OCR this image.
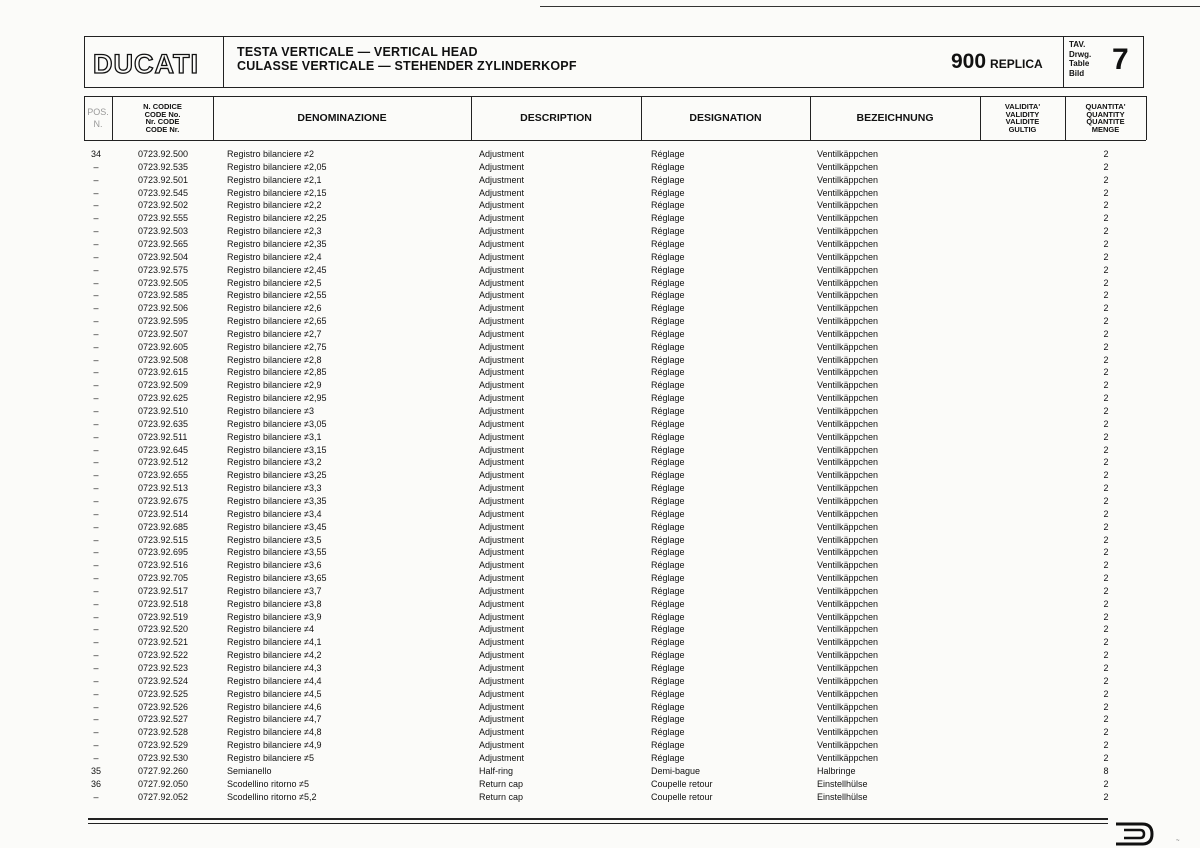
DUCATI	TESTA VERTICALE — VERTICAL HEAD
CULASSE VERTICALE — STEHENDER ZYLINDERKOPF	900 REPLICA
TAV.
Drwg.
Table
Bild 7
POS.
N.
N. CODICE
CODE No.
Nr. CODE
CODE Nr.
DENOMINAZIONE	DESCRIPTION	DESIGNATION	BEZEICHNUNG
VALIDITA'
VALIDITY
VALIDITE
GULTIG
QUANTITA'
QUANTITY
QUANTITE
MENGE
34	0723.92.500	Registro bilanciere ≠2	Adjustment	Réglage	Ventilkäppchen	2
–	0723.92.535	Registro bilanciere ≠2,05	Adjustment	Réglage	Ventilkäppchen	2
–	0723.92.501	Registro bilanciere ≠2,1	Adjustment	Réglage	Ventilkäppchen	2
–	0723.92.545	Registro bilanciere ≠2,15	Adjustment	Réglage	Ventilkäppchen	2
–	0723.92.502	Registro bilanciere ≠2,2	Adjustment	Réglage	Ventilkäppchen	2
–	0723.92.555	Registro bilanciere ≠2,25	Adjustment	Réglage	Ventilkäppchen	2
–	0723.92.503	Registro bilanciere ≠2,3	Adjustment	Réglage	Ventilkäppchen	2
–	0723.92.565	Registro bilanciere ≠2,35	Adjustment	Réglage	Ventilkäppchen	2
–	0723.92.504	Registro bilanciere ≠2,4	Adjustment	Réglage	Ventilkäppchen	2
–	0723.92.575	Registro bilanciere ≠2,45	Adjustment	Réglage	Ventilkäppchen	2
–	0723.92.505	Registro bilanciere ≠2,5	Adjustment	Réglage	Ventilkäppchen	2
–	0723.92.585	Registro bilanciere ≠2,55	Adjustment	Réglage	Ventilkäppchen	2
–	0723.92.506	Registro bilanciere ≠2,6	Adjustment	Réglage	Ventilkäppchen	2
–	0723.92.595	Registro bilanciere ≠2,65	Adjustment	Réglage	Ventilkäppchen	2
–	0723.92.507	Registro bilanciere ≠2,7	Adjustment	Réglage	Ventilkäppchen	2
–	0723.92.605	Registro bilanciere ≠2,75	Adjustment	Réglage	Ventilkäppchen	2
–	0723.92.508	Registro bilanciere ≠2,8	Adjustment	Réglage	Ventilkäppchen	2
–	0723.92.615	Registro bilanciere ≠2,85	Adjustment	Réglage	Ventilkäppchen	2
–	0723.92.509	Registro bilanciere ≠2,9	Adjustment	Réglage	Ventilkäppchen	2
–	0723.92.625	Registro bilanciere ≠2,95	Adjustment	Réglage	Ventilkäppchen	2
–	0723.92.510	Registro bilanciere ≠3	Adjustment	Réglage	Ventilkäppchen	2
–	0723.92.635	Registro bilanciere ≠3,05	Adjustment	Réglage	Ventilkäppchen	2
–	0723.92.511	Registro bilanciere ≠3,1	Adjustment	Réglage	Ventilkäppchen	2
–	0723.92.645	Registro bilanciere ≠3,15	Adjustment	Réglage	Ventilkäppchen	2
–	0723.92.512	Registro bilanciere ≠3,2	Adjustment	Réglage	Ventilkäppchen	2
–	0723.92.655	Registro bilanciere ≠3,25	Adjustment	Réglage	Ventilkäppchen	2
–	0723.92.513	Registro bilanciere ≠3,3	Adjustment	Réglage	Ventilkäppchen	2
–	0723.92.675	Registro bilanciere ≠3,35	Adjustment	Réglage	Ventilkäppchen	2
–	0723.92.514	Registro bilanciere ≠3,4	Adjustment	Réglage	Ventilkäppchen	2
–	0723.92.685	Registro bilanciere ≠3,45	Adjustment	Réglage	Ventilkäppchen	2
–	0723.92.515	Registro bilanciere ≠3,5	Adjustment	Réglage	Ventilkäppchen	2
–	0723.92.695	Registro bilanciere ≠3,55	Adjustment	Réglage	Ventilkäppchen	2
–	0723.92.516	Registro bilanciere ≠3,6	Adjustment	Réglage	Ventilkäppchen	2
–	0723.92.705	Registro bilanciere ≠3,65	Adjustment	Réglage	Ventilkäppchen	2
–	0723.92.517	Registro bilanciere ≠3,7	Adjustment	Réglage	Ventilkäppchen	2
–	0723.92.518	Registro bilanciere ≠3,8	Adjustment	Réglage	Ventilkäppchen	2
–	0723.92.519	Registro bilanciere ≠3,9	Adjustment	Réglage	Ventilkäppchen	2
–	0723.92.520	Registro bilanciere ≠4	Adjustment	Réglage	Ventilkäppchen	2
–	0723.92.521	Registro bilanciere ≠4,1	Adjustment	Réglage	Ventilkäppchen	2
–	0723.92.522	Registro bilanciere ≠4,2	Adjustment	Réglage	Ventilkäppchen	2
–	0723.92.523	Registro bilanciere ≠4,3	Adjustment	Réglage	Ventilkäppchen	2
–	0723.92.524	Registro bilanciere ≠4,4	Adjustment	Réglage	Ventilkäppchen	2
–	0723.92.525	Registro bilanciere ≠4,5	Adjustment	Réglage	Ventilkäppchen	2
–	0723.92.526	Registro bilanciere ≠4,6	Adjustment	Réglage	Ventilkäppchen	2
–	0723.92.527	Registro bilanciere ≠4,7	Adjustment	Réglage	Ventilkäppchen	2
–	0723.92.528	Registro bilanciere ≠4,8	Adjustment	Réglage	Ventilkäppchen	2
–	0723.92.529	Registro bilanciere ≠4,9	Adjustment	Réglage	Ventilkäppchen	2
–	0723.92.530	Registro bilanciere ≠5	Adjustment	Réglage	Ventilkäppchen	2
35	0727.92.260	Semianello	Half-ring	Demi-bague	Halbringe	8
36	0727.92.050	Scodellino ritorno ≠5	Return cap	Coupelle retour	Einstellhülse	2
–	0727.92.052	Scodellino ritorno ≠5,2	Return cap	Coupelle retour	Einstellhülse	2
~
